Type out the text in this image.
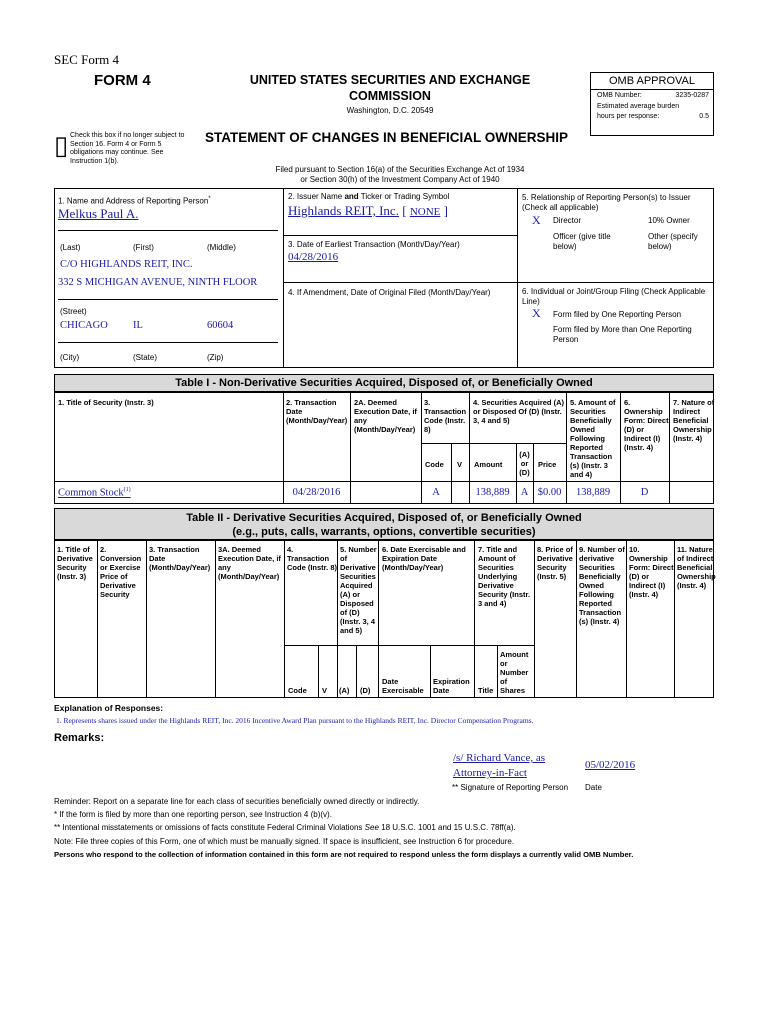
SEC Form 4
FORM 4	UNITED STATES SECURITIES AND EXCHANGE
COMMISSION
Washington, D.C. 20549
OMB APPROVAL
OMB Number:	3235-0287
Estimated average burden
hours per response:	0.5
▯ Check this box if no longer subject to Section 16. Form 4 or Form 5 obligations may continue. See Instruction 1(b).
STATEMENT OF CHANGES IN BENEFICIAL OWNERSHIP
Filed pursuant to Section 16(a) of the Securities Exchange Act of 1934
or Section 30(h) of the Investment Company Act of 1940
1. Name and Address of Reporting Person*
Melkus Paul A.
(Last)	(First)	(Middle)
C/O HIGHLANDS REIT, INC.
332 S MICHIGAN AVENUE, NINTH FLOOR
(Street)
CHICAGO IL	60604
(City)	(State)	(Zip)
2. Issuer Name and Ticker or Trading Symbol
Highlands REIT, Inc. [ NONE ]
3. Date of Earliest Transaction (Month/Day/Year)
04/28/2016
4. If Amendment, Date of Original Filed (Month/Day/Year)
5. Relationship of Reporting Person(s) to Issuer (Check all applicable)
X Director	10% Owner
Officer (give title below)
Other (specify below)
6. Individual or Joint/Group Filing (Check Applicable Line)
X Form filed by One Reporting Person
Form filed by More than One Reporting Person
Table I - Non-Derivative Securities Acquired, Disposed of, or Beneficially Owned
1. Title of Security (Instr. 3)	2. Transaction Date (Month/Day/Year)
2A. Deemed Execution Date, if any (Month/Day/Year)
3. Transaction Code (Instr. 8)
4. Securities Acquired (A) or Disposed Of (D) (Instr. 3, 4 and 5)
5. Amount of Securities Beneficially Owned Following Reported Transaction (s) (Instr. 3 and 4)
6. Ownership Form: Direct (D) or Indirect (I) (Instr. 4)
7. Nature of Indirect Beneficial Ownership (Instr. 4)
Code V Amount
(A) or (D)
Price
Common Stock$^{(1)}$	04/28/2016	A	138,889	A $0.00	138,889	D
Table II - Derivative Securities Acquired, Disposed of, or Beneficially Owned
(e.g., puts, calls, warrants, options, convertible securities)
1. Title of Derivative Security (Instr. 3)
2. Conversion or Exercise Price of Derivative Security
3. Transaction Date (Month/Day/Year)
3A. Deemed Execution Date, if any (Month/Day/Year)
4. Transaction Code (Instr. 8)
5. Number of Derivative Securities Acquired (A) or Disposed of (D) (Instr. 3, 4 and 5)
6. Date Exercisable and Expiration Date (Month/Day/Year)
7. Title and Amount of Securities Underlying Derivative Security (Instr. 3 and 4)
8. Price of Derivative Security (Instr. 5)
9. Number of derivative Securities Beneficially Owned Following Reported Transaction (s) (Instr. 4)
10. Ownership Form: Direct (D) or Indirect (I) (Instr. 4)
11. Nature of Indirect Beneficial Ownership (Instr. 4)
Code V (A) (D)
Date Exercisable
Expiration Date	Title
Amount or Number of Shares
Explanation of Responses:
1. Represents shares issued under the Highlands REIT, Inc. 2016 Incentive Award Plan pursuant to the Highlands REIT, Inc. Director Compensation Programs.
Remarks:
/s/ Richard Vance, as
Attorney-in-Fact
05/02/2016
** Signature of Reporting Person Date
Reminder: Report on a separate line for each class of securities beneficially owned directly or indirectly.
* If the form is filed by more than one reporting person, see Instruction 4 (b)(v).
** Intentional misstatements or omissions of facts constitute Federal Criminal Violations See 18 U.S.C. 1001 and 15 U.S.C. 78ff(a).
Note: File three copies of this Form, one of which must be manually signed. If space is insufficient, see Instruction 6 for procedure.
Persons who respond to the collection of information contained in this form are not required to respond unless the form displays a currently valid OMB Number.
